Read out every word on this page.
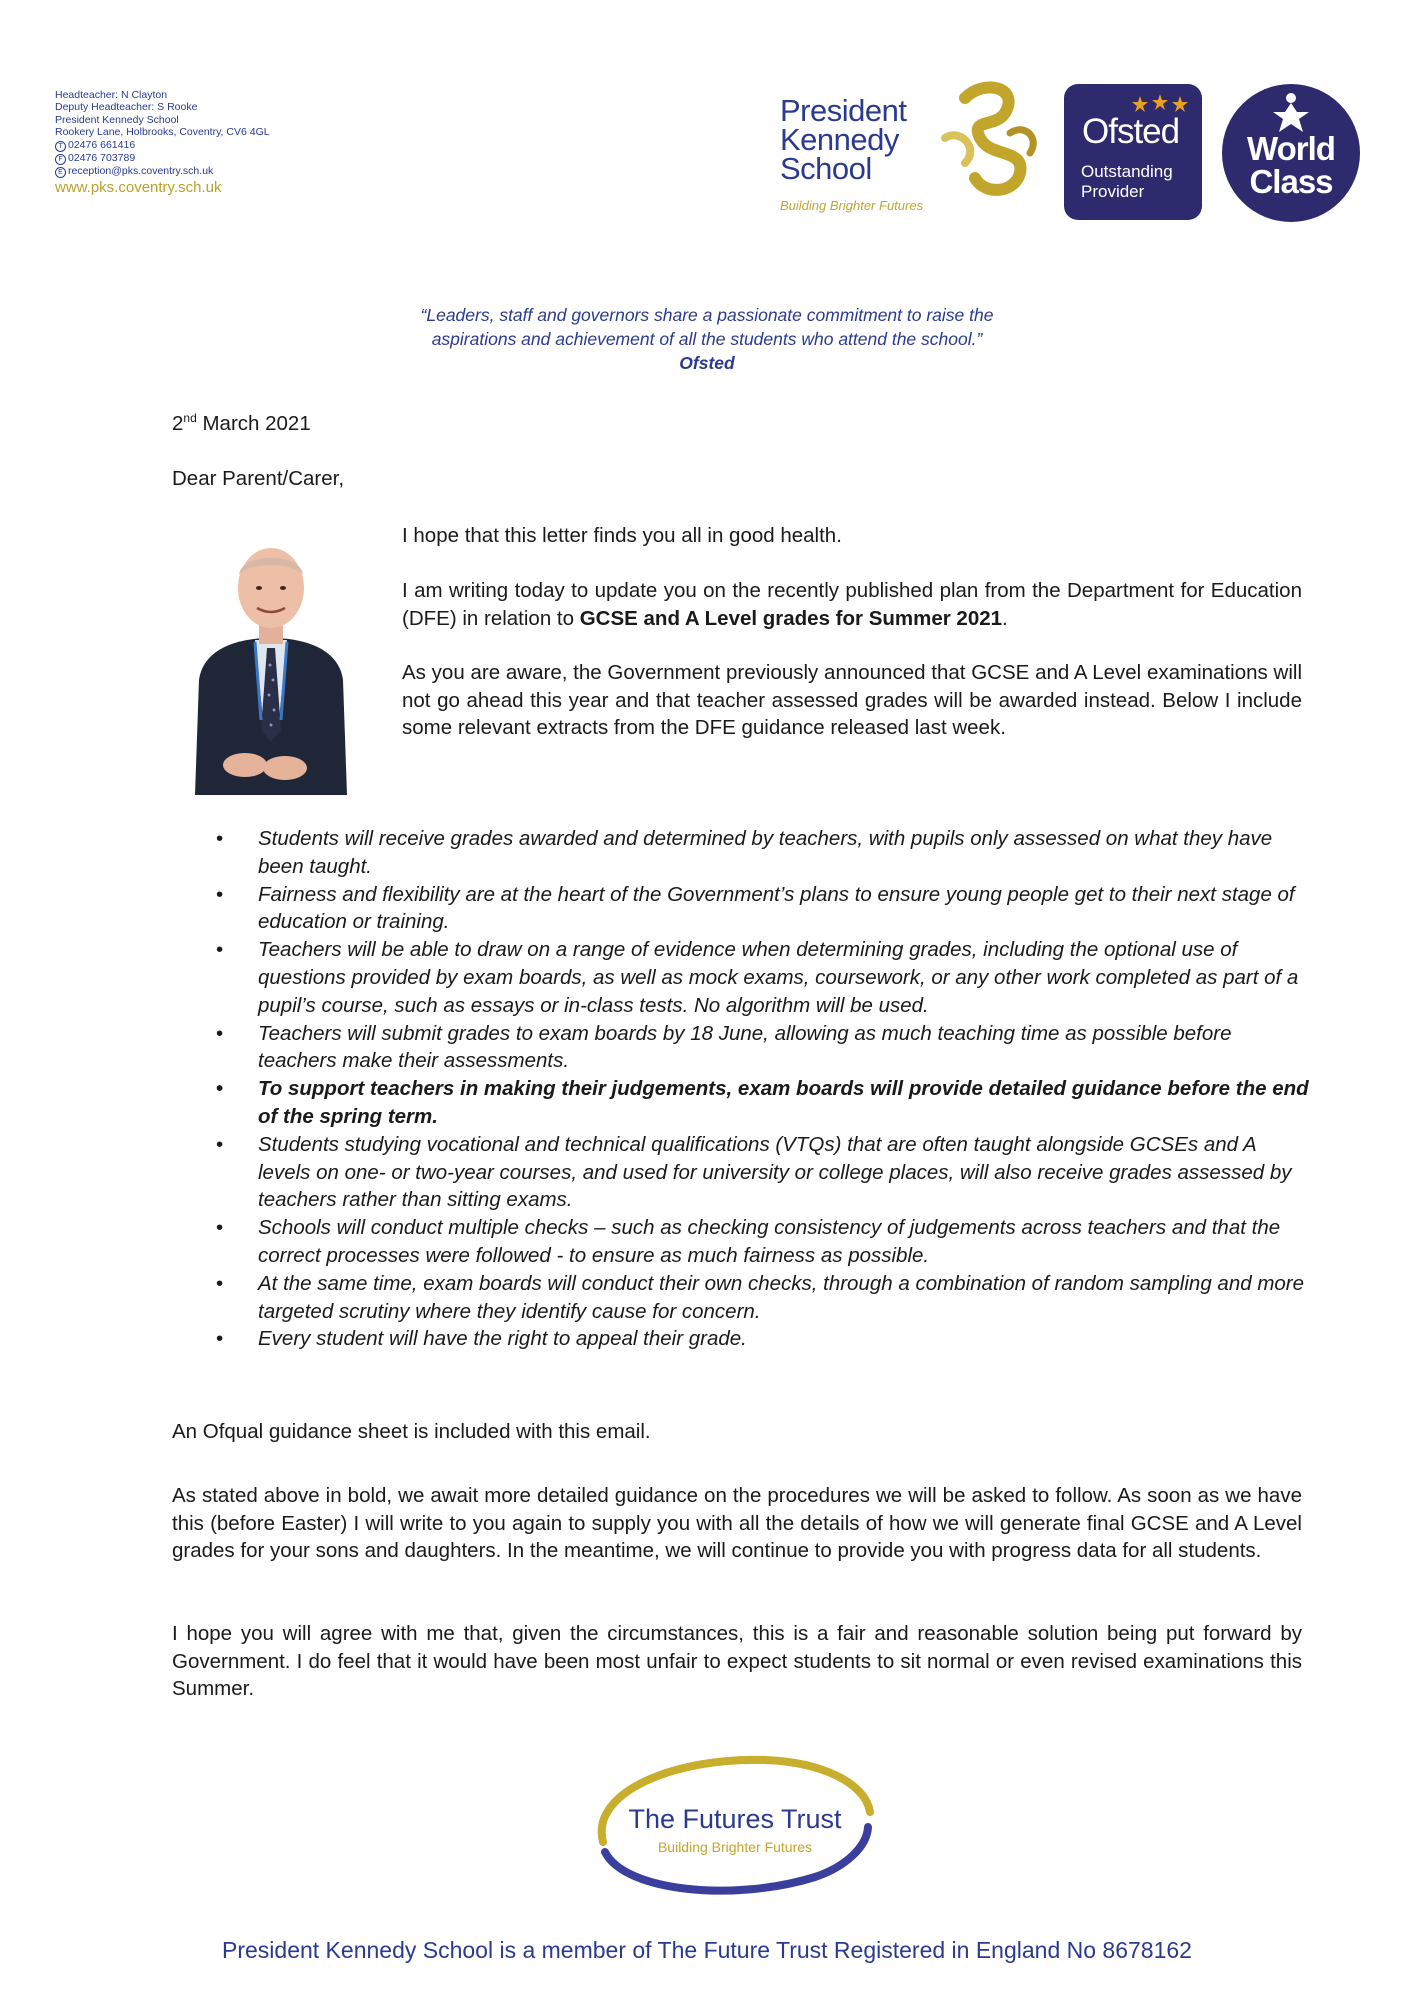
Headteacher: N Clayton
Deputy Headteacher: S Rooke
President Kennedy School
Rookery Lane, Holbrooks, Coventry, CV6 4GL
T 02476 661416
F 02476 703789
E reception@pks.coventry.sch.uk
www.pks.coventry.sch.uk
President
Kennedy
School
Building Brighter Futures
Ofsted
Outstanding
Provider
World
Class
“Leaders, staff and governors share a passionate commitment to raise the
aspirations and achievement of all the students who attend the school.”
Ofsted
2nd March 2021
Dear Parent/Carer,
I hope that this letter finds you all in good health.
I am writing today to update you on the recently published plan from the Department for Education (DFE) in relation to GCSE and A Level grades for Summer 2021.
As you are aware, the Government previously announced that GCSE and A Level examinations will not go ahead this year and that teacher assessed grades will be awarded instead. Below I include some relevant extracts from the DFE guidance released last week.
• Students will receive grades awarded and determined by teachers, with pupils only assessed on what they have been taught.
• Fairness and flexibility are at the heart of the Government’s plans to ensure young people get to their next stage of education or training.
• Teachers will be able to draw on a range of evidence when determining grades, including the optional use of questions provided by exam boards, as well as mock exams, coursework, or any other work completed as part of a pupil’s course, such as essays or in-class tests. No algorithm will be used.
• Teachers will submit grades to exam boards by 18 June, allowing as much teaching time as possible before teachers make their assessments.
• To support teachers in making their judgements, exam boards will provide detailed guidance before the end of the spring term.
• Students studying vocational and technical qualifications (VTQs) that are often taught alongside GCSEs and A levels on one- or two-year courses, and used for university or college places, will also receive grades assessed by teachers rather than sitting exams.
• Schools will conduct multiple checks – such as checking consistency of judgements across teachers and that the correct processes were followed - to ensure as much fairness as possible.
• At the same time, exam boards will conduct their own checks, through a combination of random sampling and more targeted scrutiny where they identify cause for concern.
• Every student will have the right to appeal their grade.
An Ofqual guidance sheet is included with this email.
As stated above in bold, we await more detailed guidance on the procedures we will be asked to follow. As soon as we have this (before Easter) I will write to you again to supply you with all the details of how we will generate final GCSE and A Level grades for your sons and daughters. In the meantime, we will continue to provide you with progress data for all students.
I hope you will agree with me that, given the circumstances, this is a fair and reasonable solution being put forward by Government. I do feel that it would have been most unfair to expect students to sit normal or even revised examinations this Summer.
The Futures Trust
Building Brighter Futures
President Kennedy School is a member of The Future Trust Registered in England No 8678162
